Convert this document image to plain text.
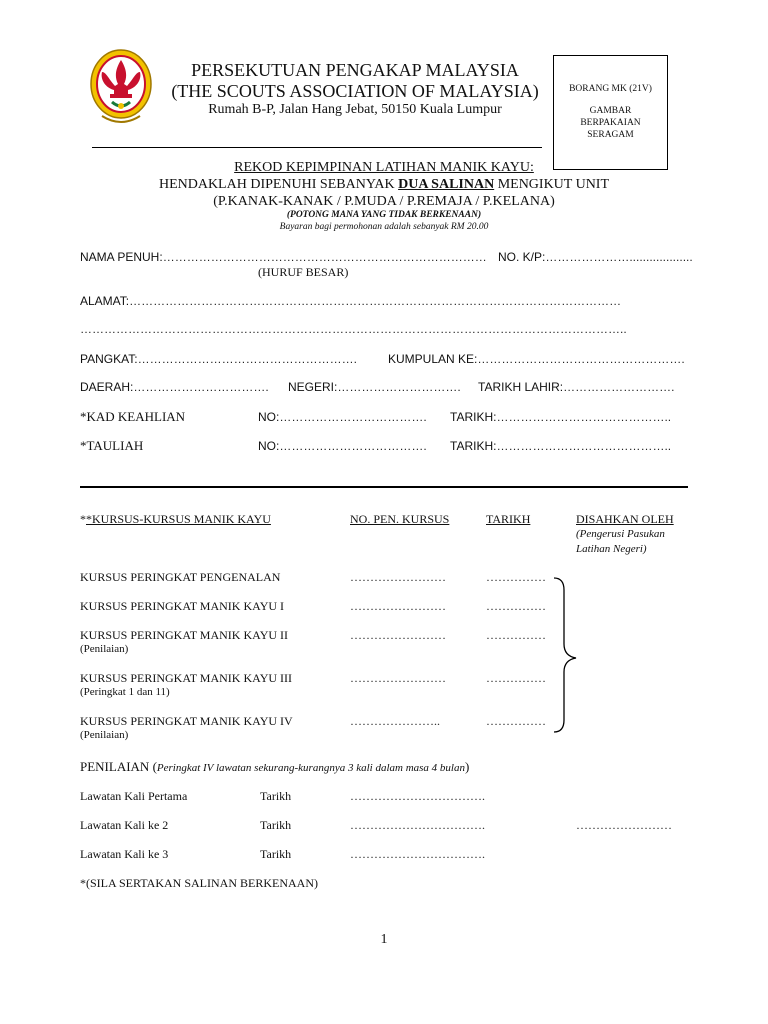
PERSEKUTUAN PENGAKAP MALAYSIA
(THE SCOUTS ASSOCIATION OF MALAYSIA)
Rumah B-P, Jalan Hang Jebat, 50150 Kuala Lumpur
BORANG MK (21V)
GAMBAR
BERPAKAIAN
SERAGAM
REKOD KEPIMPINAN LATIHAN MANIK KAYU:
HENDAKLAH DIPENUHI SEBANYAK DUA SALINAN MENGIKUT UNIT
(P.KANAK-KANAK / P.MUDA / P.REMAJA / P.KELANA)
(POTONG MANA YANG TIDAK BERKENAAN)
Bayaran bagi permohonan adalah sebanyak RM 20.00
NAMA PENUH:……………………………………………………………………… NO. K/P:…………………...................
(HURUF BESAR)
ALAMAT:……………………………………………………………………………………………………………
………………………………………………………………………………………………………………………..
PANGKAT:……………………………………………….	KUMPULAN KE:…………………………………………….
DAERAH:……………………………. NEGERI:…………………………. TARIKH LAHIR:……………………….
*KAD KEAHLIAN	NO:………………………………. TARIKH:……………………………………..
*TAULIAH	NO:………………………………. TARIKH:……………………………………..
**KURSUS-KURSUS MANIK KAYU	NO. PEN. KURSUS	TARIKH	DISAHKAN OLEH
(Pengerusi Pasukan
Latihan Negeri)
KURSUS PERINGKAT PENGENALAN	……………………	……………
KURSUS PERINGKAT MANIK KAYU I	……………………	……………
KURSUS PERINGKAT MANIK KAYU II
(Penilaian)
……………………	……………
KURSUS PERINGKAT MANIK KAYU III
(Peringkat 1 dan 11)
……………………	……………
KURSUS PERINGKAT MANIK KAYU IV
(Penilaian)
…………………..	……………
PENILAIAN (Peringkat IV lawatan sekurang-kurangnya 3 kali dalam masa 4 bulan)
Lawatan Kali Pertama	Tarikh	…………………………….
Lawatan Kali ke 2	Tarikh	…………………………….	……………………
Lawatan Kali ke 3	Tarikh	…………………………….
*(SILA SERTAKAN SALINAN BERKENAAN)
1
